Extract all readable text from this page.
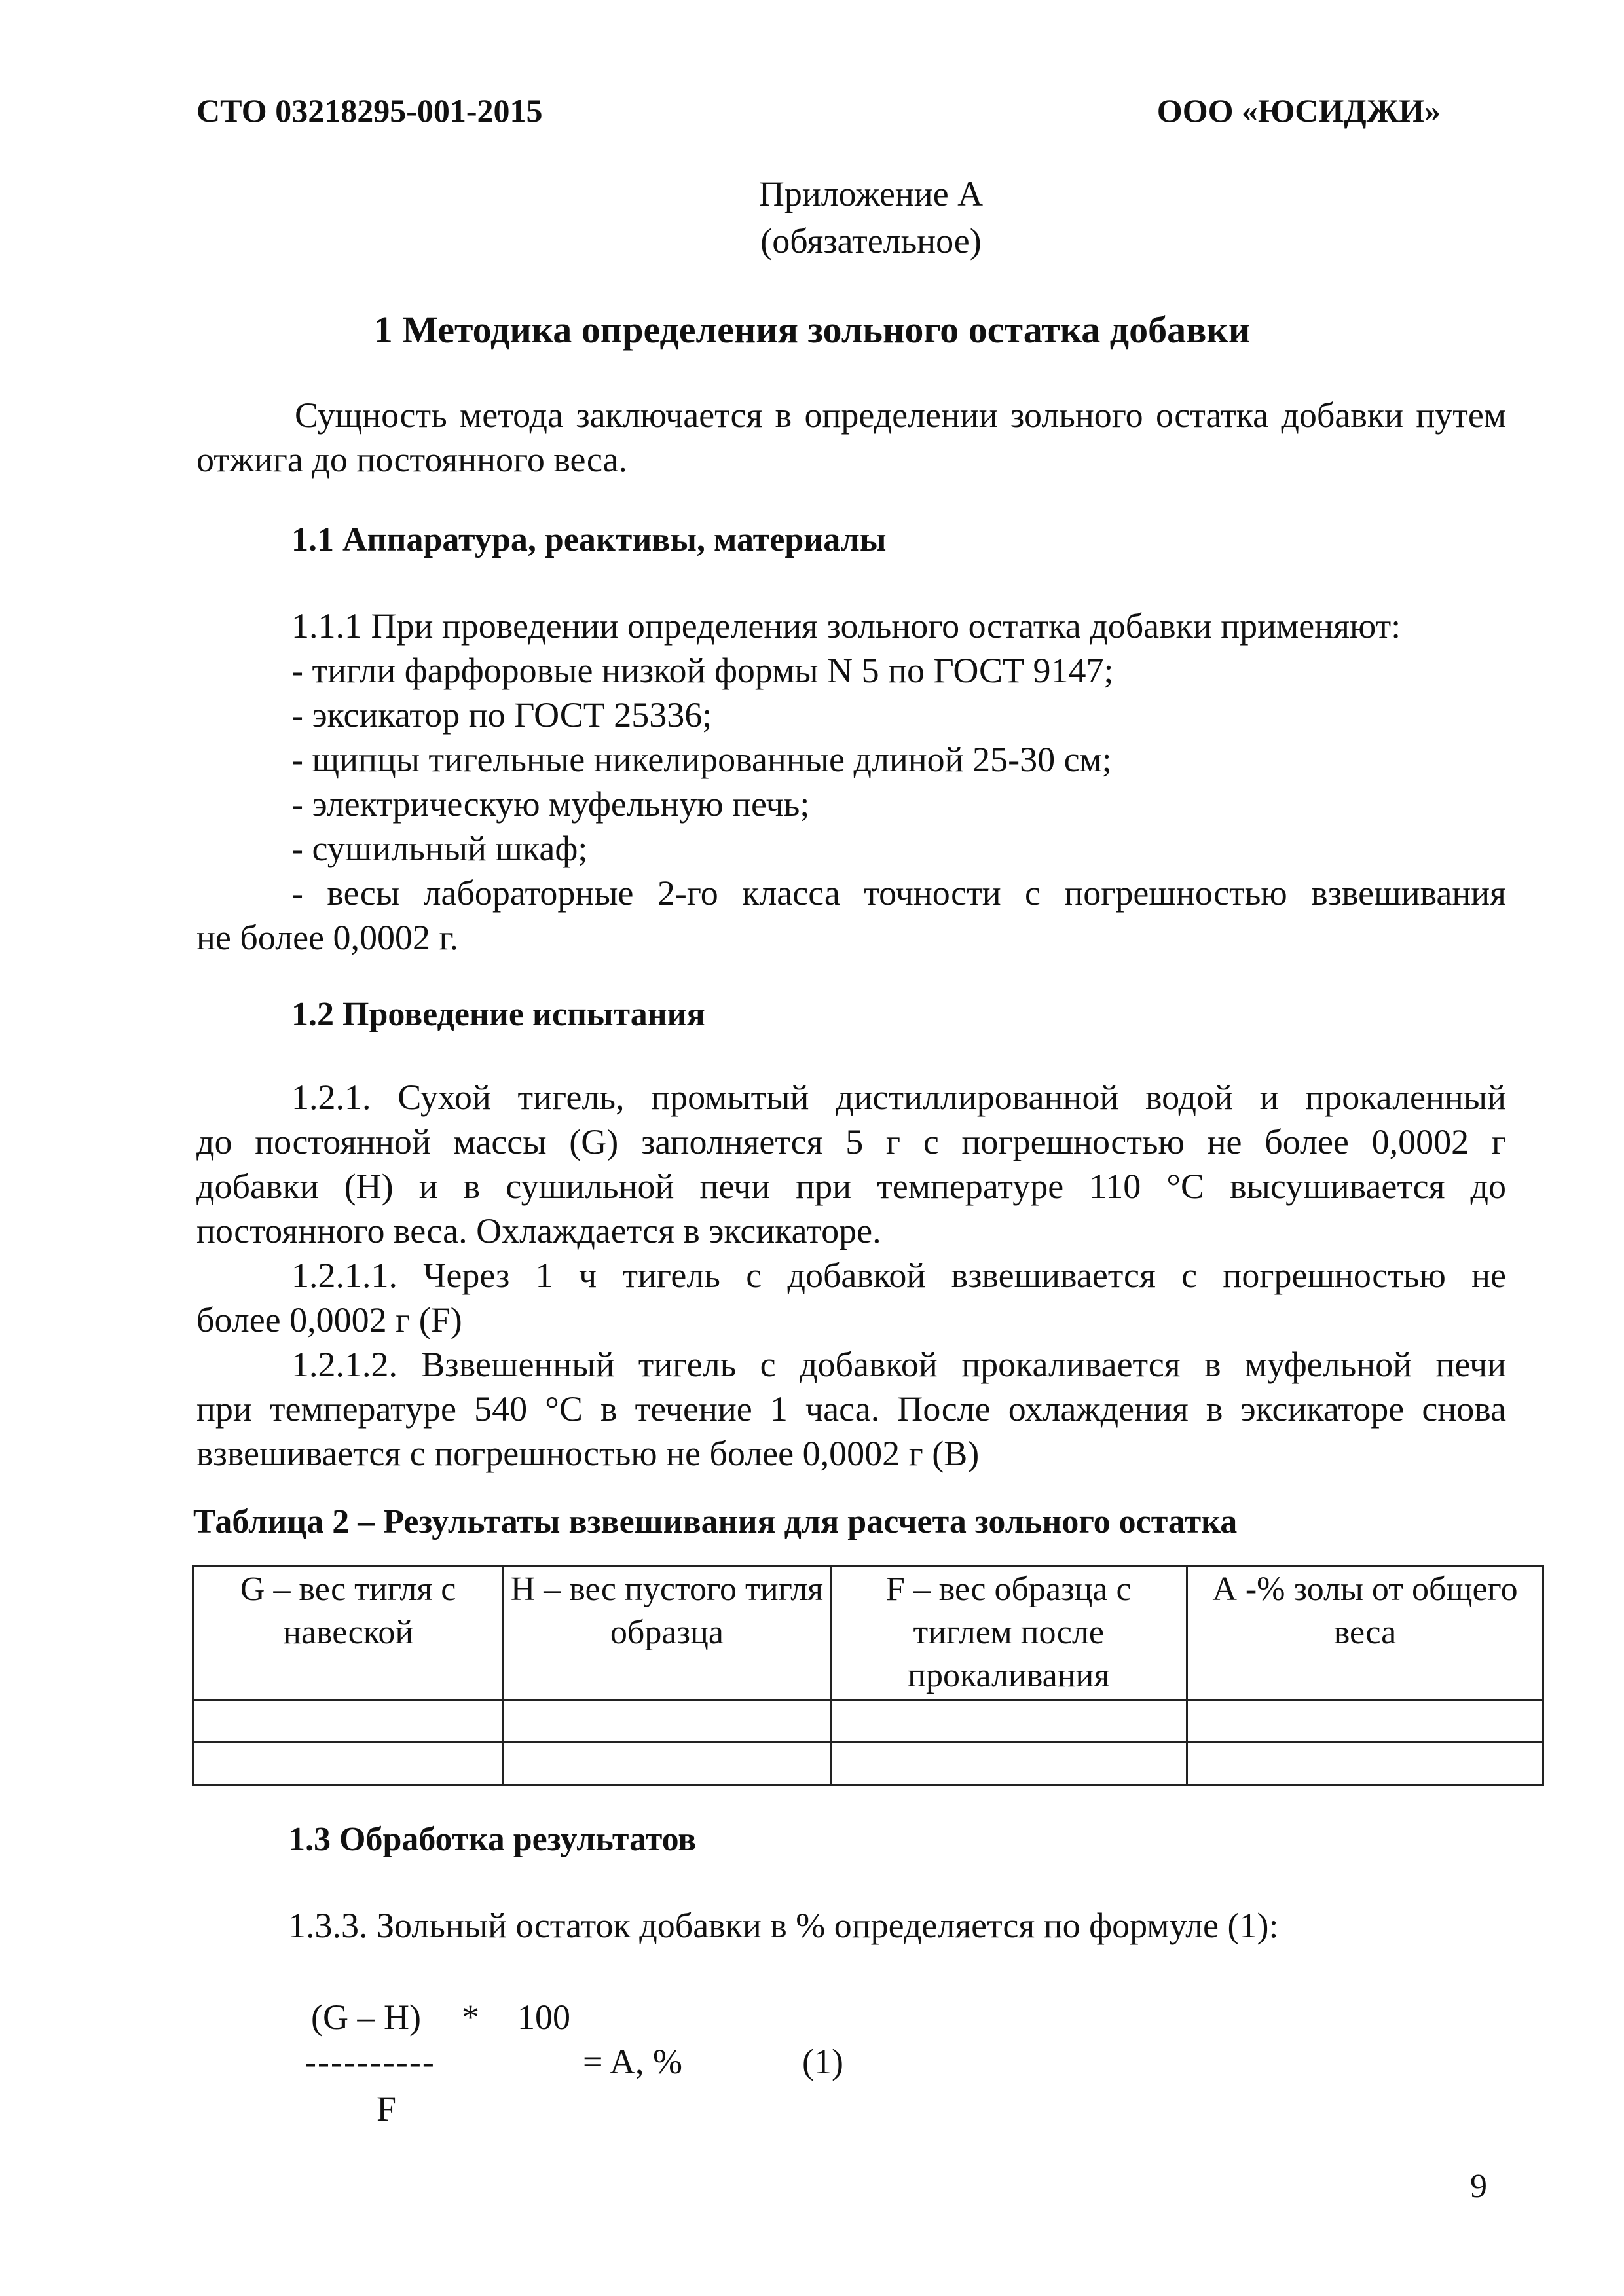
СТО 03218295-001-2015	ООО «ЮСИДЖИ»
Приложение А
(обязательное)
1 Методика определения зольного остатка добавки
Сущность метода заключается в определении зольного остатка добавки путем отжига до постоянного веса.
1.1 Аппаратура, реактивы, материалы
1.1.1 При проведении определения зольного остатка добавки применяют:
- тигли фарфоровые низкой формы N 5 по ГОСТ 9147;
- эксикатор по ГОСТ 25336;
- щипцы тигельные никелированные длиной 25-30 см;
- электрическую муфельную печь;
- сушильный шкаф;
- весы лабораторные 2-го класса точности с погрешностью взвешивания
не более 0,0002 г.
1.2 Проведение испытания
1.2.1. Сухой тигель, промытый дистиллированной водой и прокаленный
до постоянной массы (G) заполняется 5 г с погрешностью не более 0,0002 г
добавки (Н) и в сушильной печи при температуре 110 °С высушивается до
постоянного веса. Охлаждается в эксикаторе.
1.2.1.1. Через 1 ч тигель с добавкой взвешивается с погрешностью не
более 0,0002 г (F)
1.2.1.2. Взвешенный тигель с добавкой прокаливается в муфельной печи
при температуре 540 °С в течение 1 часа. После охлаждения в эксикаторе снова
взвешивается с погрешностью не более 0,0002 г (В)
Таблица 2 – Результаты взвешивания для расчета зольного остатка
G – вес тигля с навеской	Н – вес пустого тигля образца	F – вес образца с тиглем после прокаливания	А -% золы от общего веса

1.3 Обработка результатов
1.3.3. Зольный остаток добавки в % определяется по формуле (1):
(G – H) * 100
----------	= A, %	(1)
F
9
